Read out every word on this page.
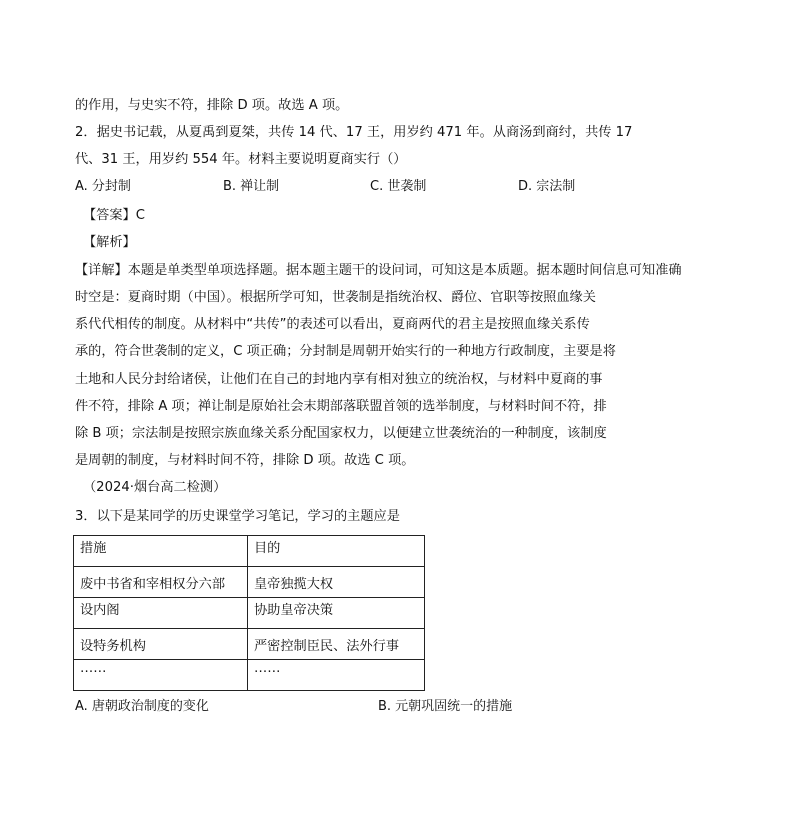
的作用，与史实不符，排除 D 项。故选 A 项。
2．据史书记载，从夏禹到夏桀，共传 14 代、17 王，用岁约 471 年。从商汤到商纣，共传 17
代、31 王，用岁约 554 年。材料主要说明夏商实行（）
A. 分封制	B. 禅让制	C. 世袭制	D. 宗法制
【答案】C
【解析】
【详解】本题是单类型单项选择题。据本题主题干的设问词，可知这是本质题。据本题时间信息可知准确
时空是：夏商时期（中国）。根据所学可知，世袭制是指统治权、爵位、官职等按照血缘关
系代代相传的制度。从材料中“共传”的表述可以看出，夏商两代的君主是按照血缘关系传
承的，符合世袭制的定义，C 项正确；分封制是周朝开始实行的一种地方行政制度，主要是将
土地和人民分封给诸侯，让他们在自己的封地内享有相对独立的统治权，与材料中夏商的事
件不符，排除 A 项；禅让制是原始社会末期部落联盟首领的选举制度，与材料时间不符，排
除 B 项；宗法制是按照宗族血缘关系分配国家权力，以便建立世袭统治的一种制度，该制度
是周朝的制度，与材料时间不符，排除 D 项。故选 C 项。
（2024·烟台高二检测）
3．以下是某同学的历史课堂学习笔记，学习的主题应是
措施	目的
废中书省和宰相权分六部	皇帝独揽大权
设内阁	协助皇帝决策
设特务机构	严密控制臣民、法外行事
……	……
A. 唐朝政治制度的变化	B. 元朝巩固统一的措施
